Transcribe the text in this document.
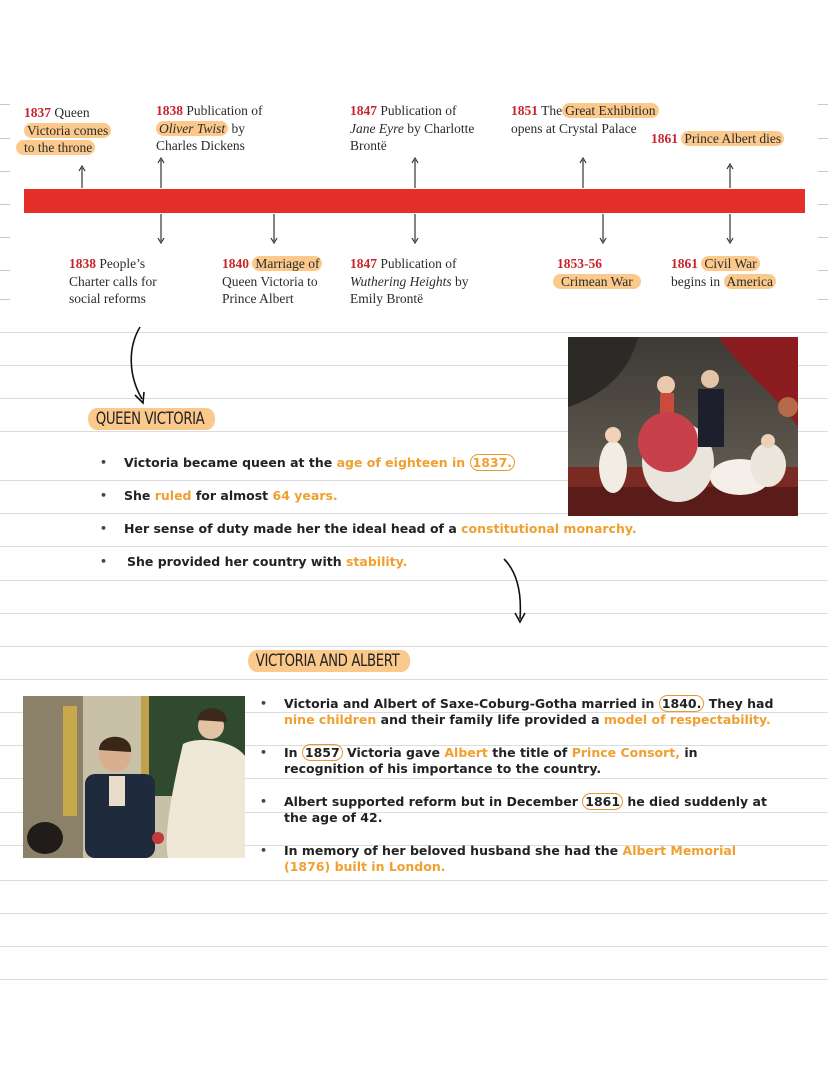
1837 Queen
Victoria comes
to the throne
1838 Publication of
Oliver Twist by
Charles Dickens
1847 Publication of
Jane Eyre by Charlotte
Brontë
1851 The Great Exhibition
opens at Crystal Palace
1861 Prince Albert dies
1838 People’s
Charter calls for
social reforms
1840 Marriage of
Queen Victoria to
Prince Albert
1847 Publication of
Wuthering Heights by
Emily Brontë
1853-56
Crimean War
1861 Civil War
begins in America
QUEEN VICTORIA
• Victoria became queen at the age of eighteen in 1837.
• She ruled for almost 64 years.
• Her sense of duty made her the ideal head of a constitutional monarchy.
• She provided her country with stability.
VICTORIA AND ALBERT
• Victoria and Albert of Saxe-Coburg-Gotha married in 1840. They had nine children and their family life provided a model of respectability.
• In 1857 Victoria gave Albert the title of Prince Consort, in recognition of his importance to the country.
• Albert supported reform but in December 1861 he died suddenly at the age of 42.
• In memory of her beloved husband she had the Albert Memorial (1876) built in London.
